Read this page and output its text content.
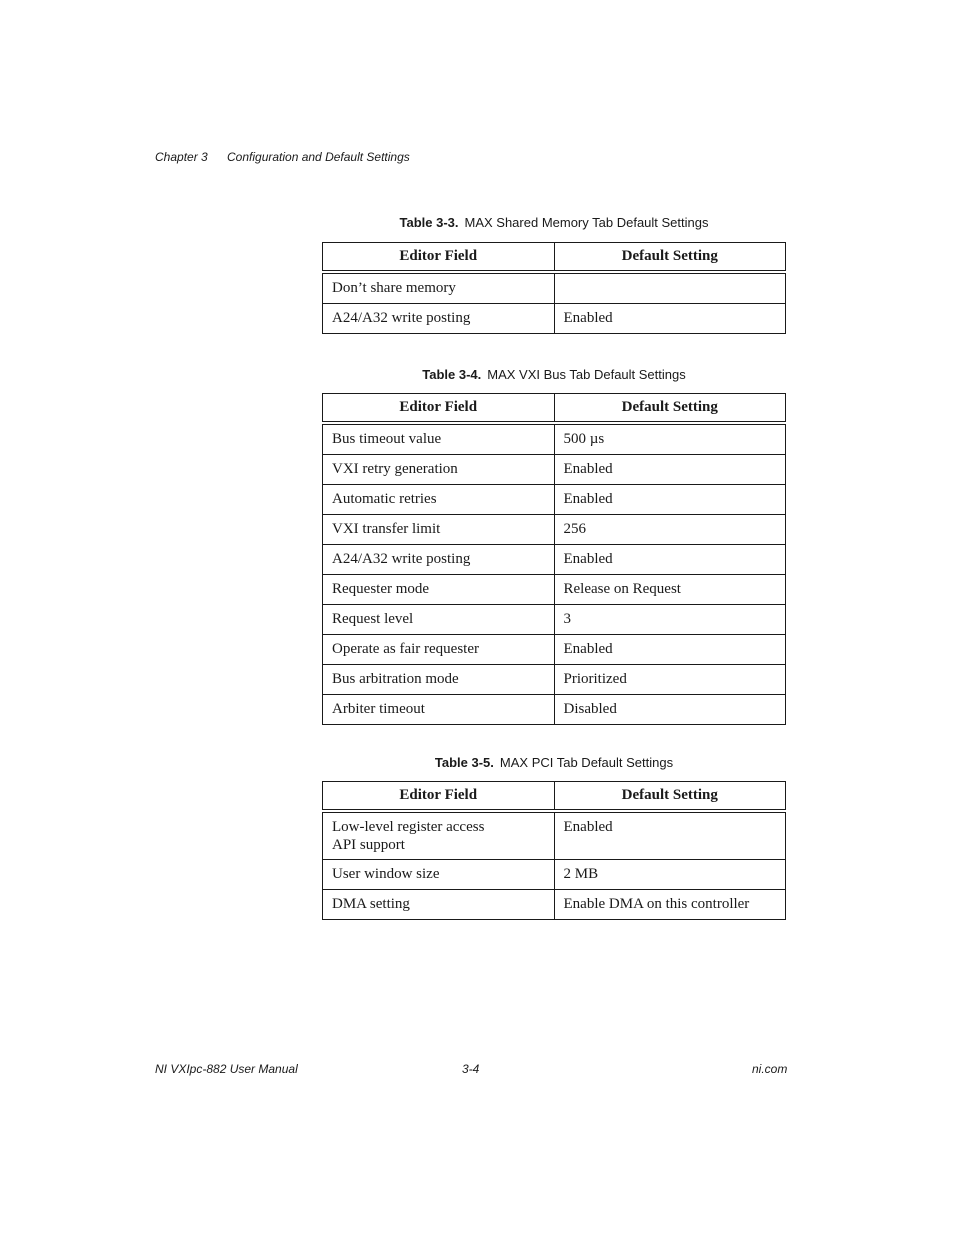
Chapter 3 Configuration and Default Settings
Table 3-3. MAX Shared Memory Tab Default Settings
Editor Field	Default Setting
Don’t share memory	
A24/A32 write posting	Enabled
Table 3-4. MAX VXI Bus Tab Default Settings
Editor Field	Default Setting
Bus timeout value	500 µs
VXI retry generation	Enabled
Automatic retries	Enabled
VXI transfer limit	256
A24/A32 write posting	Enabled
Requester mode	Release on Request
Request level	3
Operate as fair requester	Enabled
Bus arbitration mode	Prioritized
Arbiter timeout	Disabled
Table 3-5. MAX PCI Tab Default Settings
Editor Field	Default Setting
Low-level register access
API support	Enabled
User window size	2 MB
DMA setting	Enable DMA on this controller
NI VXIpc-882 User Manual	3-4	ni.com
